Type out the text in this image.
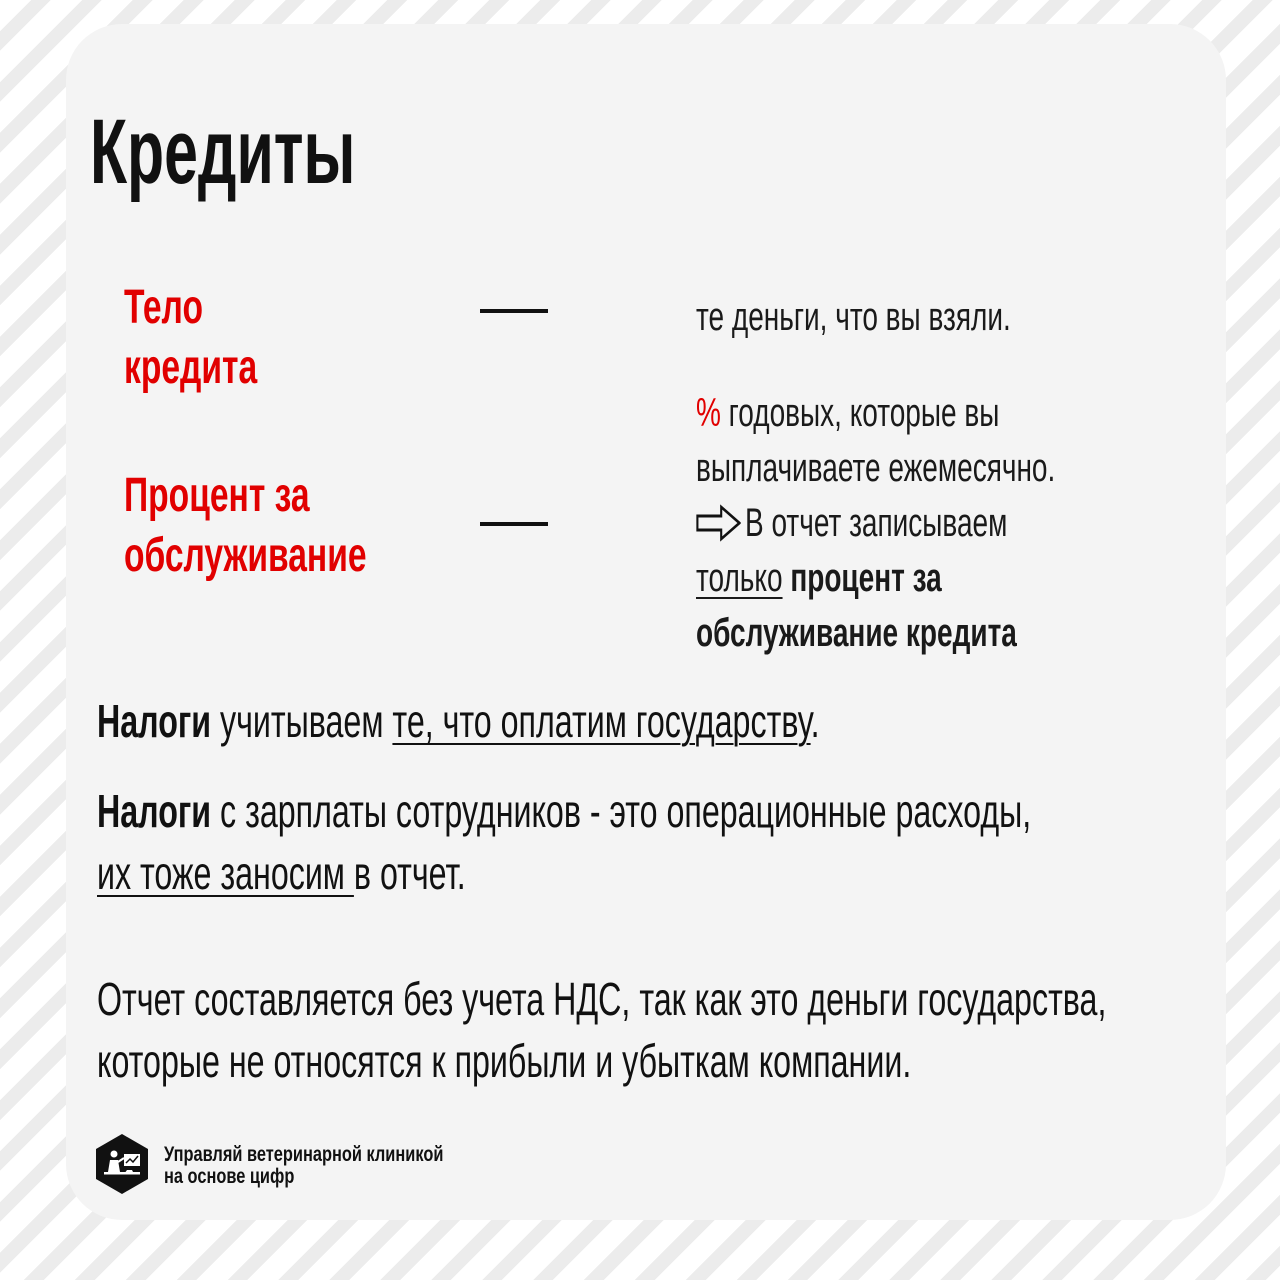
Кредиты
Тело
кредита
те деньги, что вы взяли.
Процент за
обслуживание
% годовых, которые вы
выплачиваете ежемесячно.
В отчет записываем
только процент за
обслуживание кредита
Налоги учитываем те, что оплатим государству.
Налоги с зарплаты сотрудников - это операционные расходы,
их тоже заносим в отчет.
Отчет составляется без учета НДС, так как это деньги государства,
которые не относятся к прибыли и убыткам компании.
Управляй ветеринарной клиникой
на основе цифр
